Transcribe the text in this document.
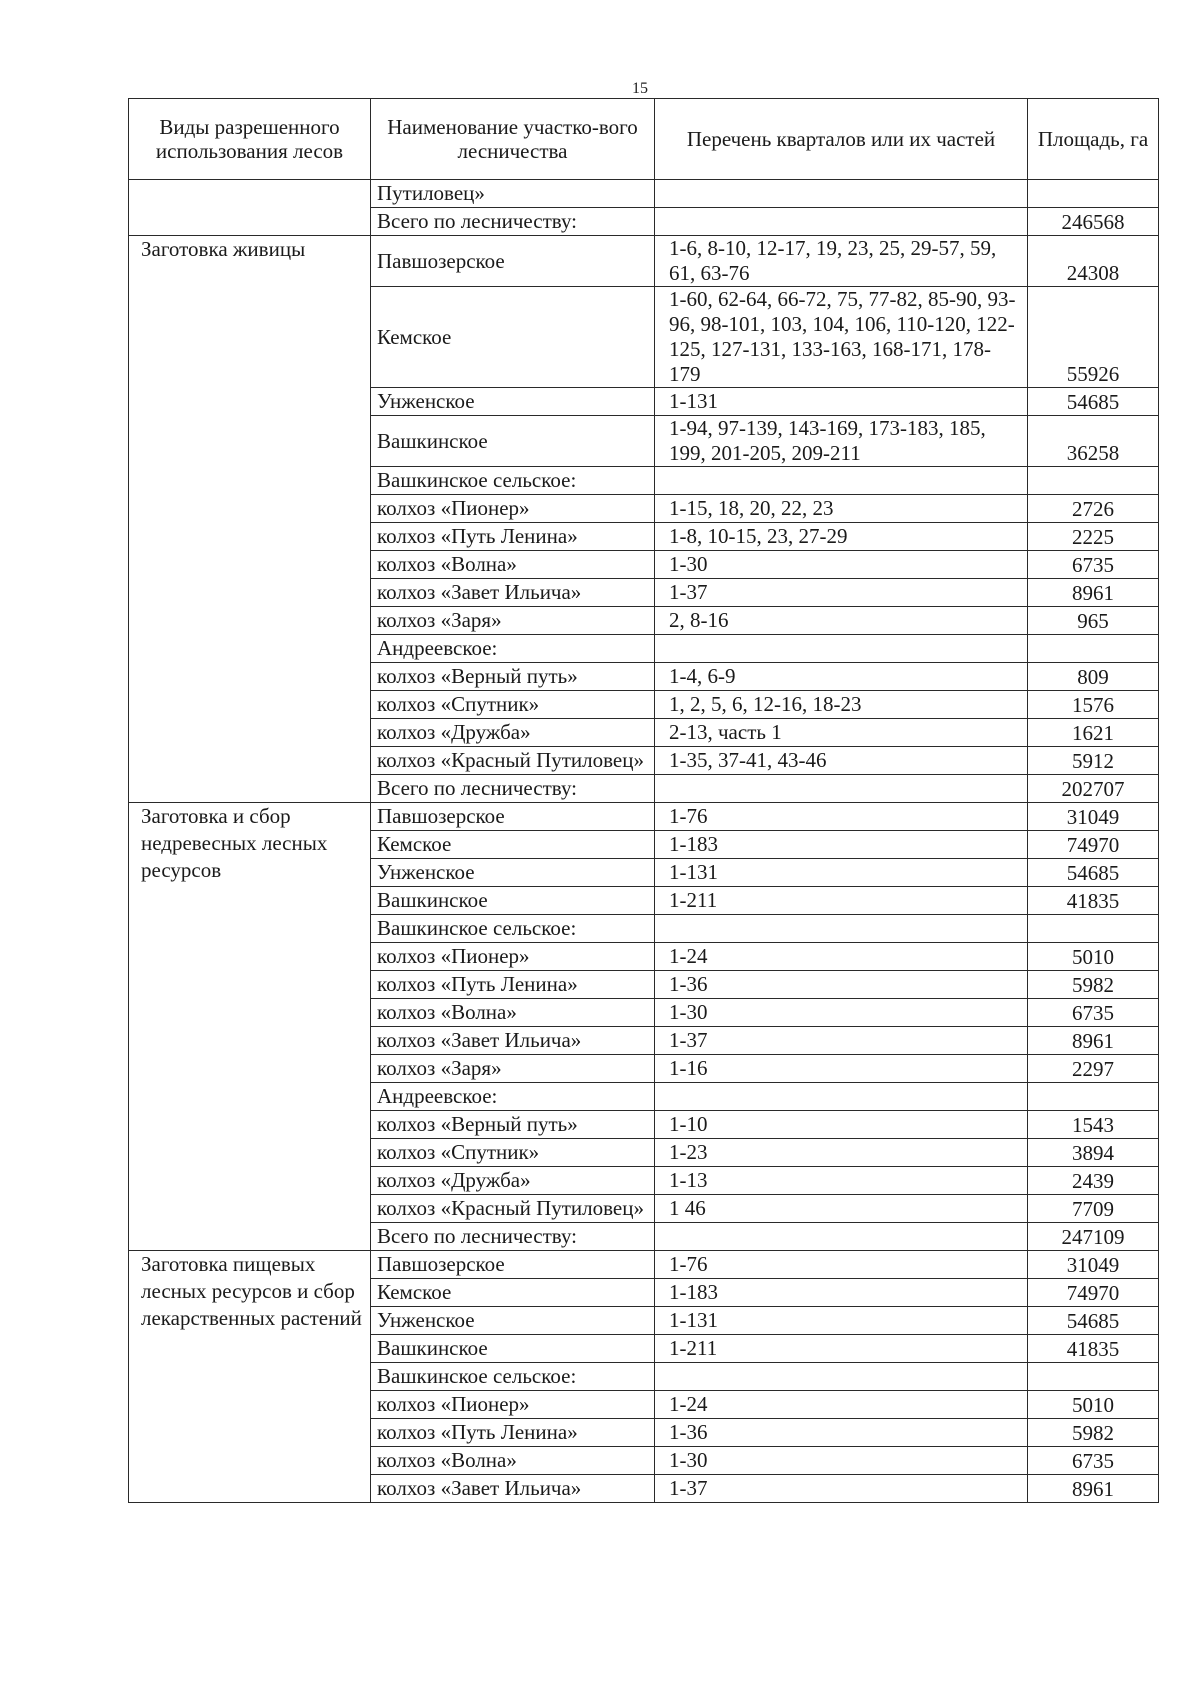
15
Виды разрешенного использования лесов	Наименование участко-вого лесничества	Перечень кварталов или их частей	Площадь, га
	Путиловец»		
	Всего по лесничеству:		246568
Заготовка живицы	Павшозерское	1-6, 8-10, 12-17, 19, 23, 25, 29-57, 59, 61, 63-76	24308
	Кемское	1-60, 62-64, 66-72, 75, 77-82, 85-90, 93-96, 98-101, 103, 104, 106, 110-120, 122-125, 127-131, 133-163, 168-171, 178-179	55926
	Унженское	1-131	54685
	Вашкинское	1-94, 97-139, 143-169, 173-183, 185, 199, 201-205, 209-211	36258
	Вашкинское сельское:		
	колхоз «Пионер»	1-15, 18, 20, 22, 23	2726
	колхоз «Путь Ленина»	1-8, 10-15, 23, 27-29	2225
	колхоз «Волна»	1-30	6735
	колхоз «Завет Ильича»	1-37	8961
	колхоз «Заря»	2, 8-16	965
	Андреевское:		
	колхоз «Верный путь»	1-4, 6-9	809
	колхоз «Спутник»	1, 2, 5, 6, 12-16, 18-23	1576
	колхоз «Дружба»	2-13, часть 1	1621
	колхоз «Красный Путиловец»	1-35, 37-41, 43-46	5912
	Всего по лесничеству:		202707
Заготовка и сбор недревесных лесных ресурсов	Павшозерское	1-76	31049
	Кемское	1-183	74970
	Унженское	1-131	54685
	Вашкинское	1-211	41835
	Вашкинское сельское:		
	колхоз «Пионер»	1-24	5010
	колхоз «Путь Ленина»	1-36	5982
	колхоз «Волна»	1-30	6735
	колхоз «Завет Ильича»	1-37	8961
	колхоз «Заря»	1-16	2297
	Андреевское:		
	колхоз «Верный путь»	1-10	1543
	колхоз «Спутник»	1-23	3894
	колхоз «Дружба»	1-13	2439
	колхоз «Красный Путиловец»	1 46	7709
	Всего по лесничеству:		247109
Заготовка пищевых лесных ресурсов и сбор лекарственных растений	Павшозерское	1-76	31049
	Кемское	1-183	74970
	Унженское	1-131	54685
	Вашкинское	1-211	41835
	Вашкинское сельское:		
	колхоз «Пионер»	1-24	5010
	колхоз «Путь Ленина»	1-36	5982
	колхоз «Волна»	1-30	6735
	колхоз «Завет Ильича»	1-37	8961
